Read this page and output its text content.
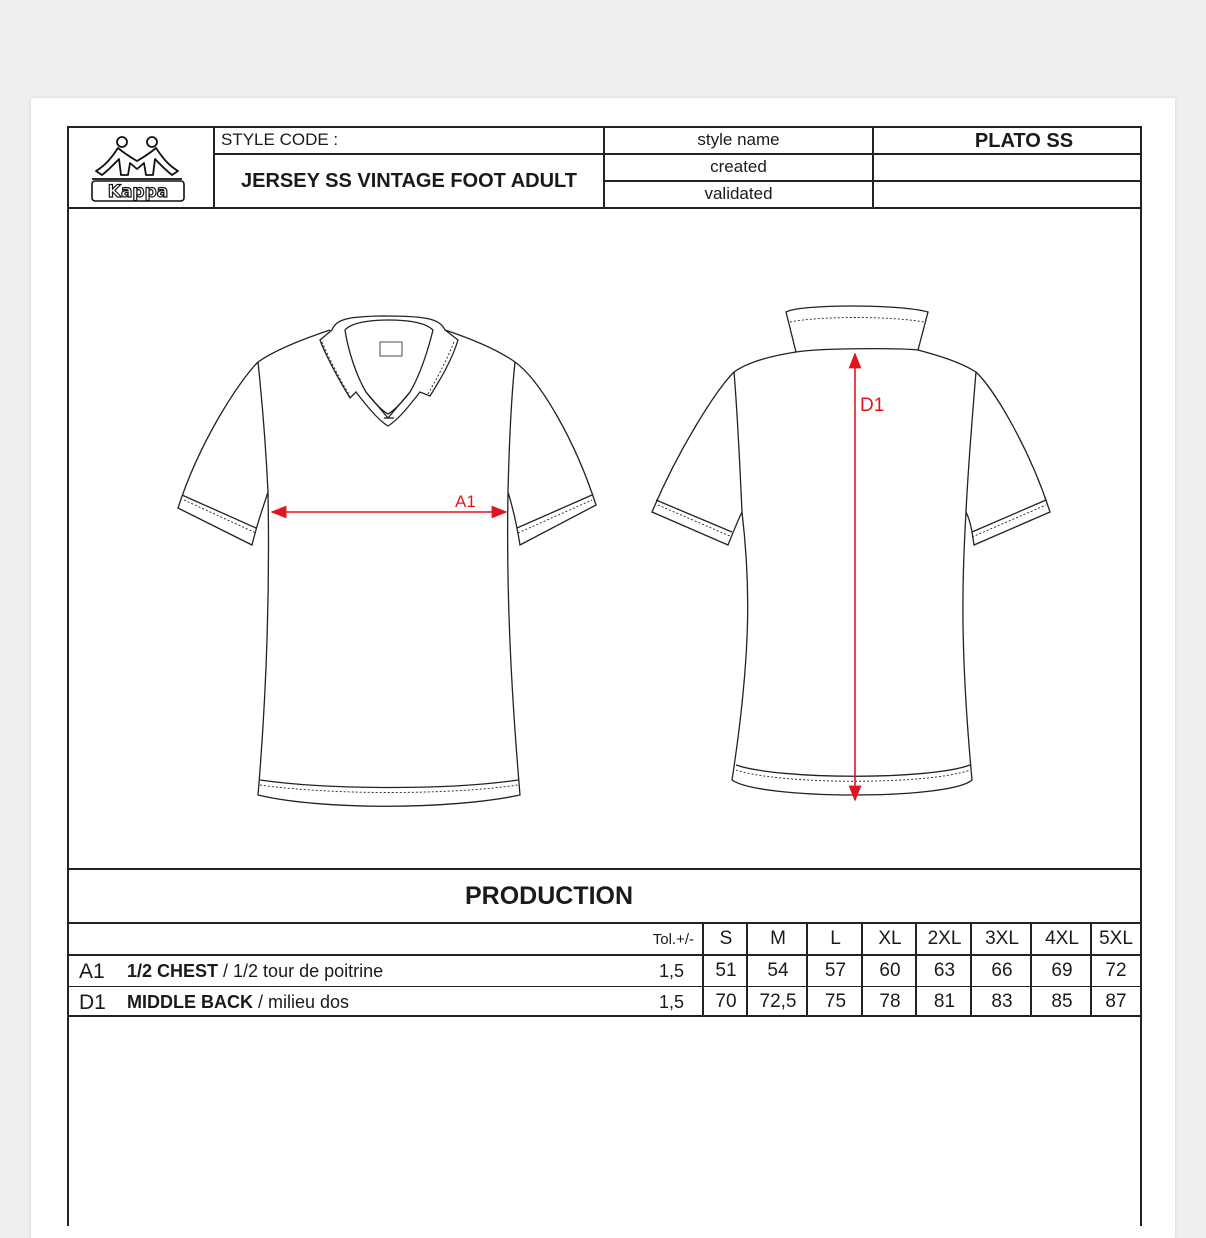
Kappa
STYLE CODE :
JERSEY SS VINTAGE FOOT ADULT
style name	PLATO SS
created
validated
A1
D1
PRODUCTION
Tol.+/-	S	M	L	XL	2XL	3XL	4XL	5XL
A1 1/2 CHEST / 1/2 tour de poitrine	1,5	51	54	57	60	63	66	69	72
D1 MIDDLE BACK / milieu dos	1,5	70	72,5	75	78	81	83	85	87
